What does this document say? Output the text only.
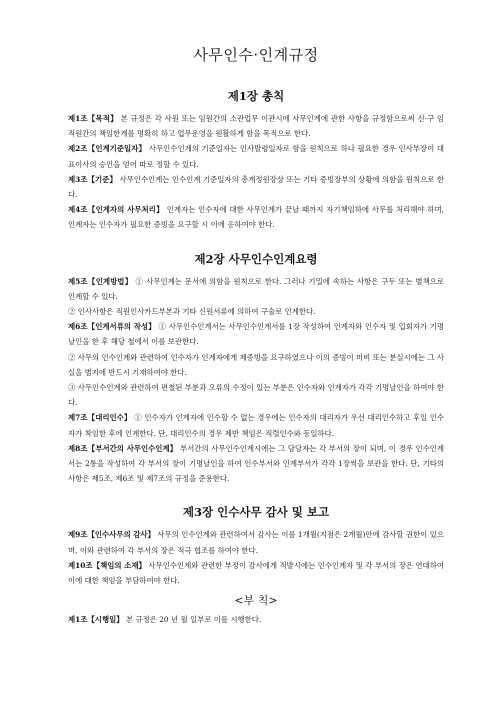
사무인수·인계규정
제1장 총칙

제1조【목적】 본 규정은 각 사원 또는 임원간의 소관업무 이관시에 사무인계에 관한 사항을 규정함으로써 신·구 임직원간의 책임한계를 명확히 하고 업무운영을 원활하게 함을 목적으로 한다.

제2조【인계기준일자】 사무인수인계의 기준일자는 인사발령일자로 함을 원칙으로 하나 필요한 경우 인사부장이 대표이사의 승인을 얻어 따로 정할 수 있다.

제3조【기준】 사무인수인계는 인수인계 기준일자의 총계정원장상 또는 기타 증빙장부의 상황에 의함을 원칙으로 한다.

제4조【인계자의 사무처리】 인계자는 인수자에 대한 사무인계가 끝날 때까지 자기책임하에 사무를 처리해야 하며, 인계자는 인수자가 필요한 증빙을 요구할 시 이에 응하여야 한다.

제2장 사무인수인계요령

제5조【인계방법】 ① 사무인계는 문서에 의함을 원칙으로 한다. 그러나 기밀에 속하는 사항은 구두 또는 별책으로 인계할 수 있다.

② 인사사항은 직원인사카드부본과 기타 신원서류에 의하여 구술로 인계한다.

제6조【인계서류의 작성】 ① 사무인수인계서는 사무인수인계서를 1장 작성하여 인계자와 인수자 및 입회자가 기명날인을 한 후 해당 철에서 이를 보관한다.

② 사무의 인수인계와 관련하여 인수자가 인계자에게 제증빙을 요구하였으나 이의 증빙이 미비 또는 분실시에는 그 사실을 별지에 반드시 기재하여야 한다.

③ 사무인수인계와 관련하여 편철된 부분과 오류의 수정이 있는 부분은 인수자와 인계자가 각각 기명날인을 하여야 한다.

제7조【대리인수】 ① 인수자가 인계자에 인수할 수 없는 경우에는 인수자의 대리자가 우선 대리인수하고 후일 인수자가 착임한 후에 인계한다. 단, 대리인수의 경우 제반 책임은 직렬인수와 동일하다.

제8조【부서간의 사무인수인계】 부서간의 사무인수인계시에는 그 담당자는 각 부서의 장이 되며, 이 경우 인수인계서는 2통을 작성하여 각 부서의 장이 기명날인을 하여 인수부서와 인계부서가 각각 1장씩을 보관을 한다. 단, 기타의 사항은 제5조, 제6조 및 제7조의 규정을 준용한다.

제3장 인수사무 감사 및 보고

제9조【인수사무의 감사】 사무의 인수인계와 관련하여서 감사는 이를 1개월(지점은 2개월)안에 감사할 권한이 있으며, 이와 관련하여 각 부서의 장은 적극 협조를 하여야 한다.

제10조【책임의 소재】 사무인수인계와 관련한 부정이 감사에게 적발시에는 인수인계자 및 각 부서의 장은 연대하여 이에 대한 책임을 부담하여야 한다.

<부 칙>

제1조【시행일】 본 규정은 20 년 월 일부로 이를 시행한다.
